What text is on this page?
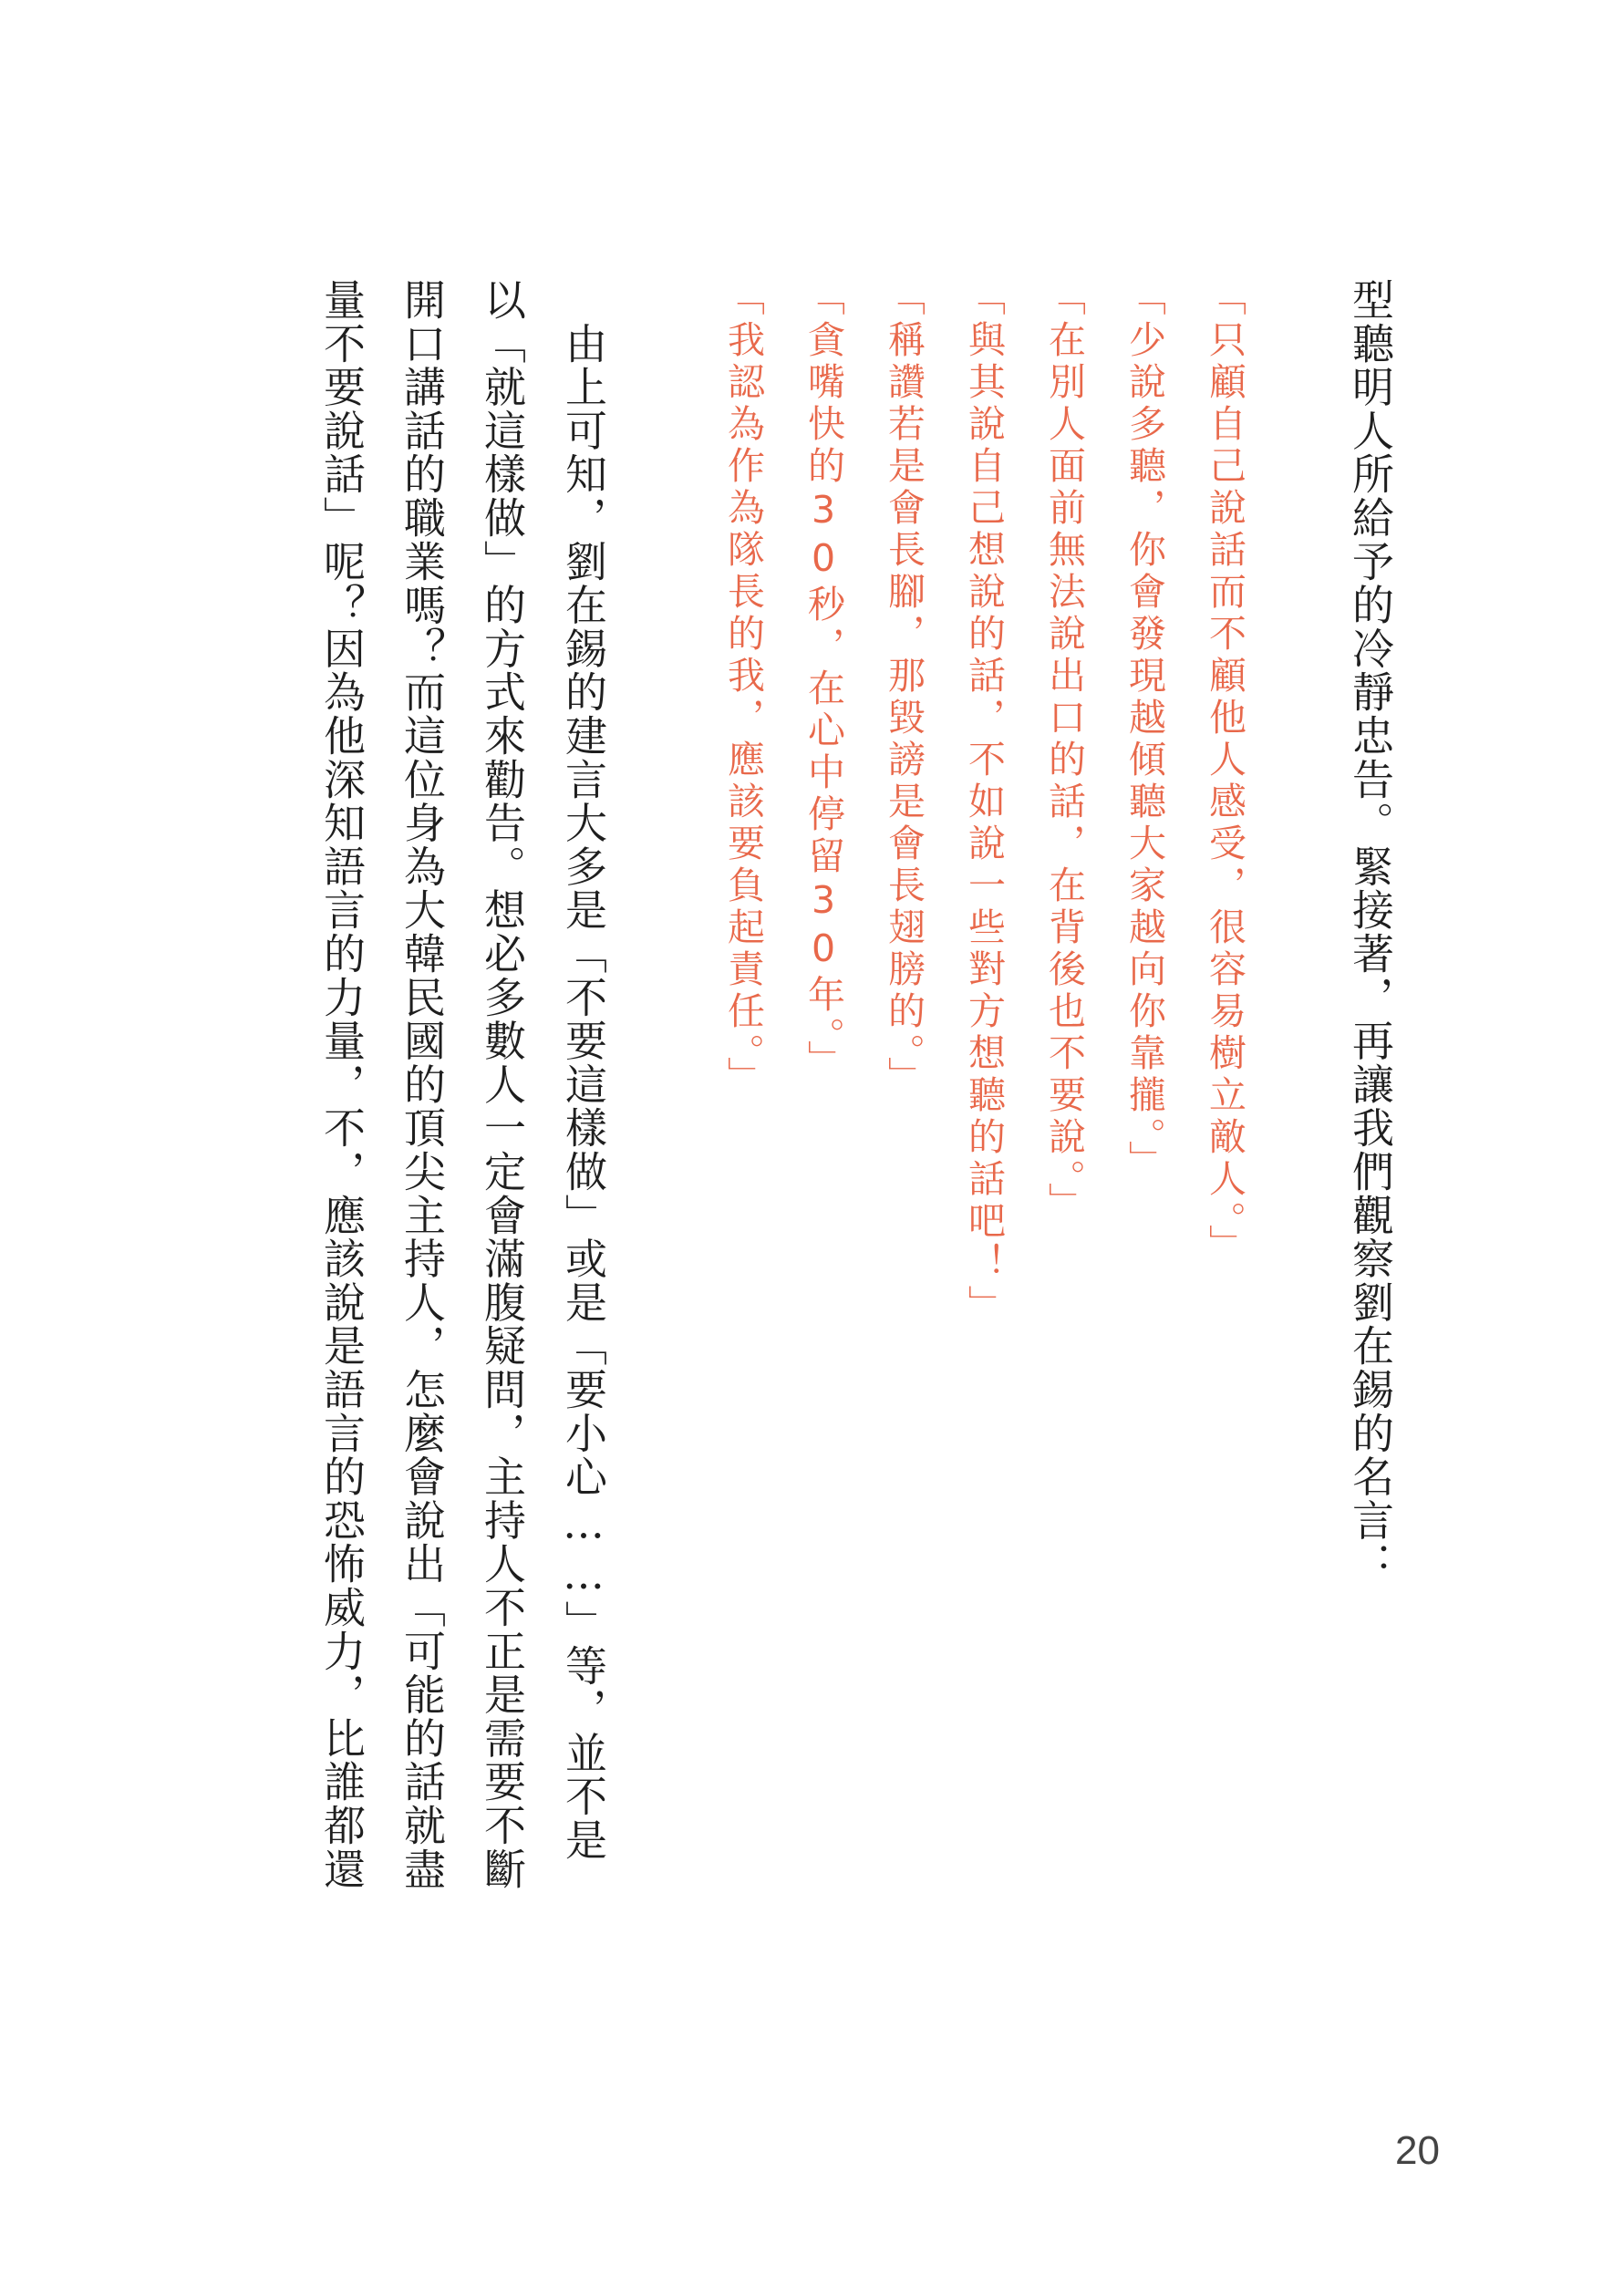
型聽明人所給予的冷靜忠告。緊接著，再讓我們觀察劉在錫的名言：
「只顧自己說話而不顧他人感受，很容易樹立敵人。」
「少說多聽，你會發現越傾聽大家越向你靠攏。」
「在別人面前無法說出口的話，在背後也不要說。」
「與其說自己想說的話，不如說一些對方想聽的話吧！」
「稱讚若是會長腳，那毀謗是會長翅膀的。」
「貪嘴快的30秒，在心中停留30年。」
「我認為作為隊長的我，應該要負起責任。」
　由上可知，劉在錫的建言大多是「不要這樣做」或是「要小心……」等，並不是
以「就這樣做」的方式來勸告。想必多數人一定會滿腹疑問，主持人不正是需要不斷
開口講話的職業嗎？而這位身為大韓民國的頂尖主持人，怎麼會說出「可能的話就盡
量不要說話」呢？因為他深知語言的力量，不，應該說是語言的恐怖威力，比誰都還
20
